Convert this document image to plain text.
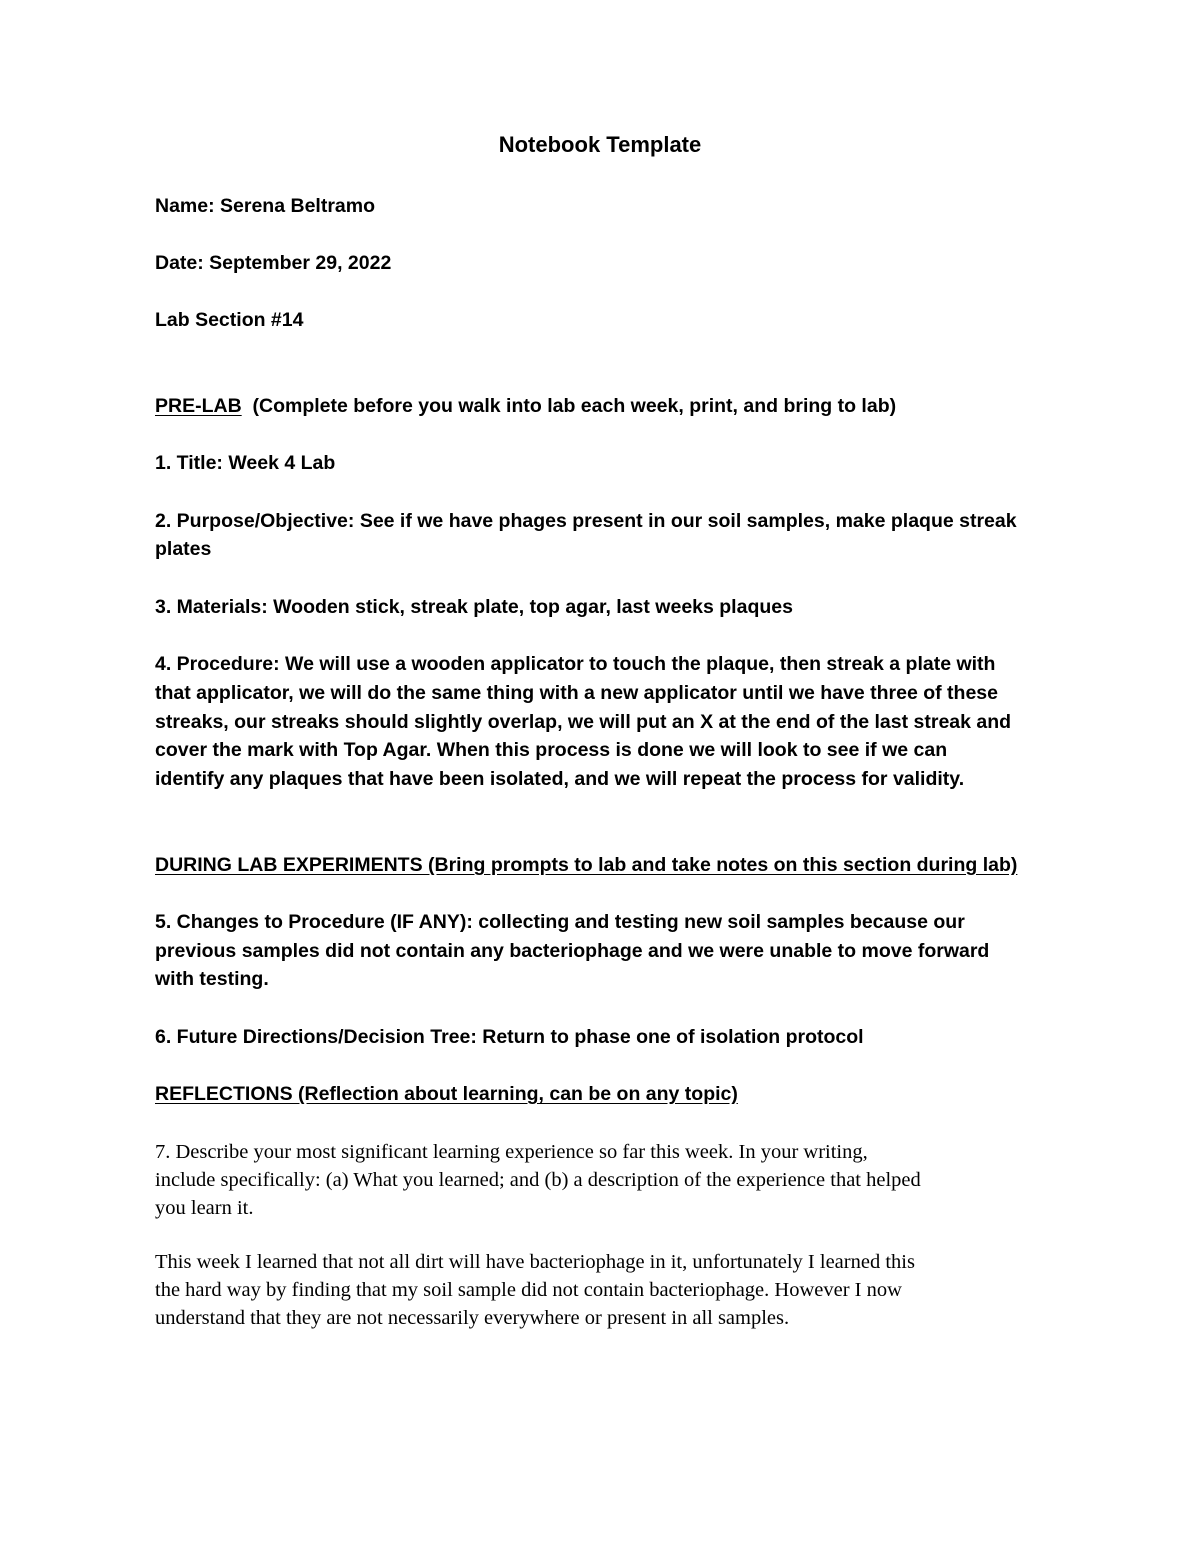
Notebook Template

Name: Serena Beltramo

Date: September 29, 2022

Lab Section #14

PRE-LAB  (Complete before you walk into lab each week, print, and bring to lab)

1. Title: Week 4 Lab

2. Purpose/Objective: See if we have phages present in our soil samples, make plaque streak

plates

3. Materials: Wooden stick, streak plate, top agar, last weeks plaques

4. Procedure: We will use a wooden applicator to touch the plaque, then streak a plate with

that applicator, we will do the same thing with a new applicator until we have three of these

streaks, our streaks should slightly overlap, we will put an X at the end of the last streak and

cover the mark with Top Agar. When this process is done we will look to see if we can

identify any plaques that have been isolated, and we will repeat the process for validity.

DURING LAB EXPERIMENTS (Bring prompts to lab and take notes on this section during lab)

5. Changes to Procedure (IF ANY): collecting and testing new soil samples because our

previous samples did not contain any bacteriophage and we were unable to move forward

with testing.

6. Future Directions/Decision Tree: Return to phase one of isolation protocol

REFLECTIONS (Reflection about learning, can be on any topic)

7. Describe your most significant learning experience so far this week. In your writing,

include specifically: (a) What you learned; and (b) a description of the experience that helped

you learn it.

This week I learned that not all dirt will have bacteriophage in it, unfortunately I learned this

the hard way by finding that my soil sample did not contain bacteriophage. However I now

understand that they are not necessarily everywhere or present in all samples.
